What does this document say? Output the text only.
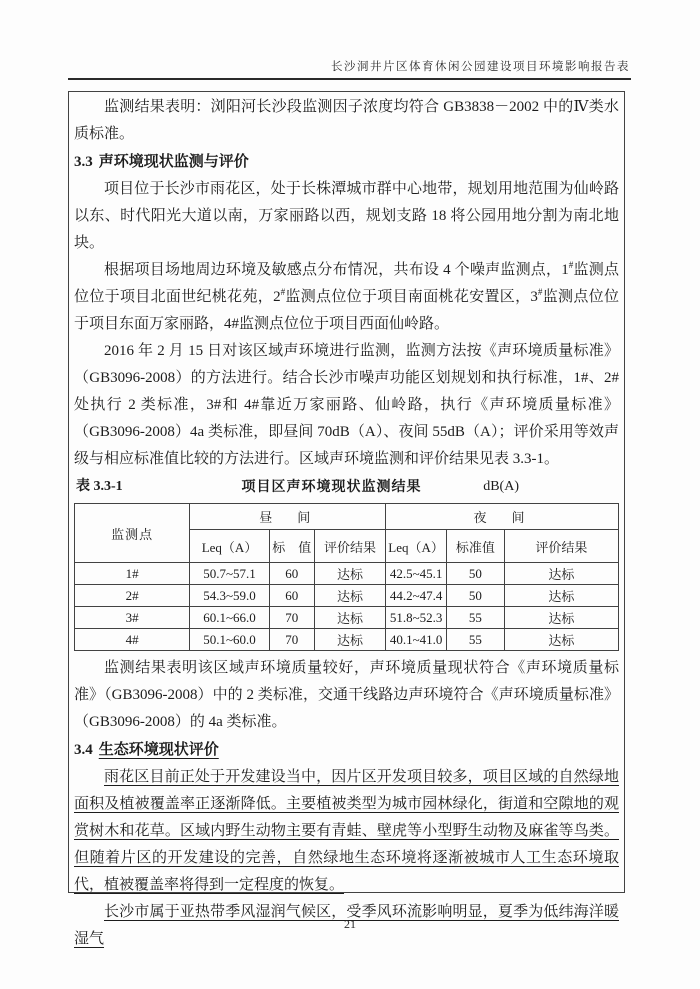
长沙洞井片区体育休闲公园建设项目环境影响报告表

监测结果表明：浏阳河长沙段监测因子浓度均符合 GB3838－2002 中的Ⅳ类水质标准。

3.3 声环境现状监测与评价

项目位于长沙市雨花区，处于长株潭城市群中心地带，规划用地范围为仙岭路以东、时代阳光大道以南，万家丽路以西，规划支路 18 将公园用地分割为南北地块。

根据项目场地周边环境及敏感点分布情况，共布设 4 个噪声监测点，1#监测点位位于项目北面世纪桃花苑，2#监测点位位于项目南面桃花安置区，3#监测点位位于项目东面万家丽路，4#监测点位位于项目西面仙岭路。

2016 年 2 月 15 日对该区域声环境进行监测，监测方法按《声环境质量标准》（GB3096-2008）的方法进行。结合长沙市噪声功能区划规划和执行标准，1#、2#处执行 2 类标准，3#和 4#靠近万家丽路、仙岭路，执行《声环境质量标准》（GB3096-2008）4a 类标准，即昼间 70dB（A）、夜间 55dB（A）；评价采用等效声级与相应标准值比较的方法进行。区域声环境监测和评价结果见表 3.3-1。

表 3.3-1	项目区声环境现状监测结果	dB(A)
监测点	昼　间			夜　间		
	Leq（A）	标　值	评价结果	Leq（A）	标准值	评价结果
1#	50.7~57.1	60	达标	42.5~45.1	50	达标
2#	54.3~59.0	60	达标	44.2~47.4	50	达标
3#	60.1~66.0	70	达标	51.8~52.3	55	达标
4#	50.1~60.0	70	达标	40.1~41.0	55	达标

监测结果表明该区域声环境质量较好，声环境质量现状符合《声环境质量标准》（GB3096-2008）中的 2 类标准，交通干线路边声环境符合《声环境质量标准》（GB3096-2008）的 4a 类标准。

3.4 生态环境现状评价

雨花区目前正处于开发建设当中，因片区开发项目较多，项目区域的自然绿地面积及植被覆盖率正逐渐降低。主要植被类型为城市园林绿化，街道和空隙地的观赏树木和花草。区域内野生动物主要有青蛙、壁虎等小型野生动物及麻雀等鸟类。但随着片区的开发建设的完善，自然绿地生态环境将逐渐被城市人工生态环境取代，植被覆盖率将得到一定程度的恢复。

长沙市属于亚热带季风湿润气候区，受季风环流影响明显，夏季为低纬海洋暖湿气

21
